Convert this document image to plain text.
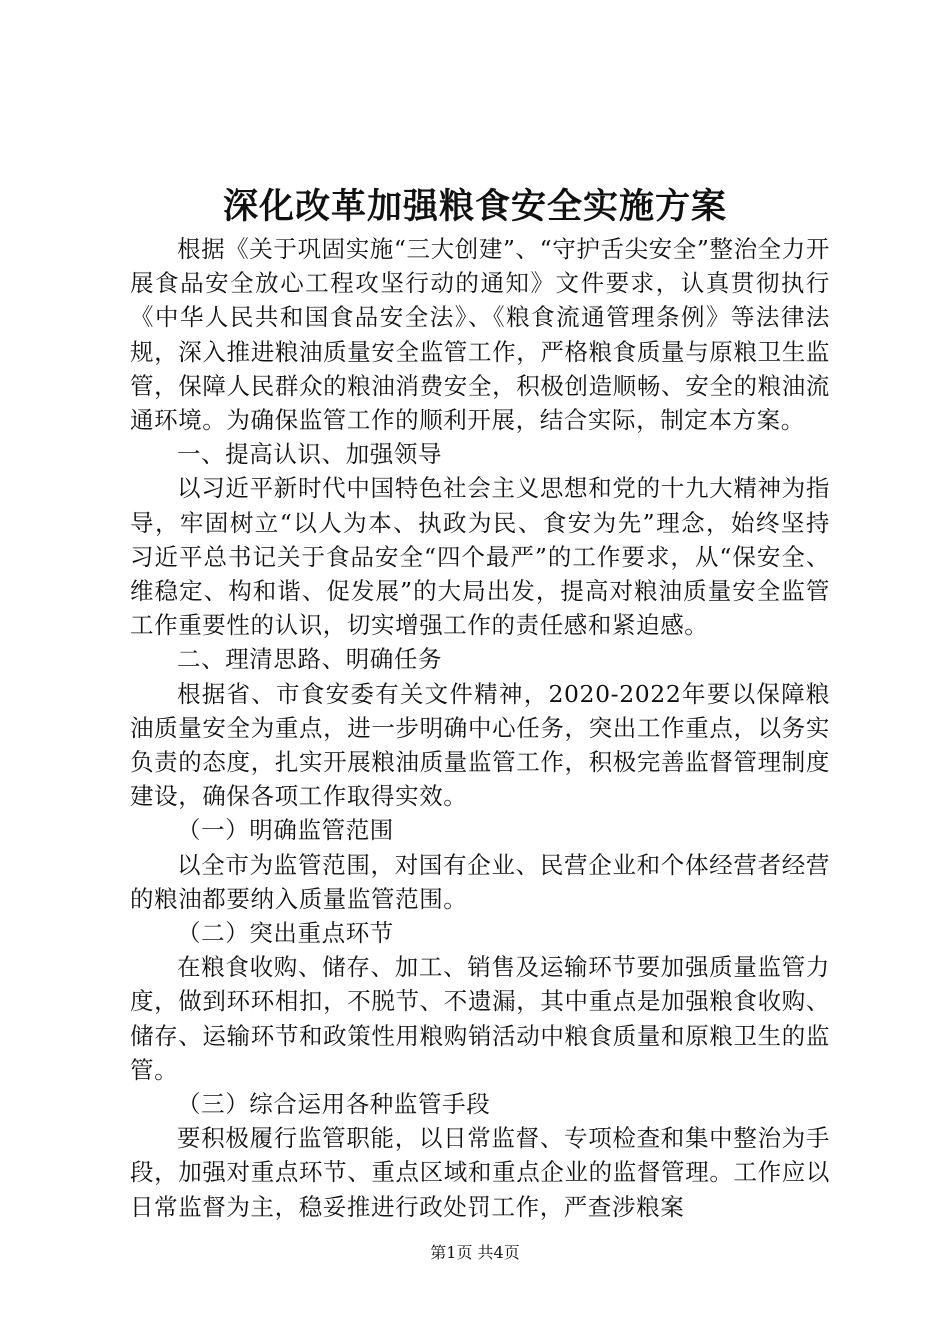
深化改革加强粮食安全实施方案

根据《关于巩固实施“三大创建”、“守护舌尖安全”整治全力开展食品安全放心工程攻坚行动的通知》文件要求，认真贯彻执行《中华人民共和国食品安全法》、《粮食流通管理条例》等法律法规，深入推进粮油质量安全监管工作，严格粮食质量与原粮卫生监管，保障人民群众的粮油消费安全，积极创造顺畅、安全的粮油流通环境。为确保监管工作的顺利开展，结合实际，制定本方案。

一、提高认识、加强领导

以习近平新时代中国特色社会主义思想和党的十九大精神为指导，牢固树立“以人为本、执政为民、食安为先”理念，始终坚持习近平总书记关于食品安全“四个最严”的工作要求，从“保安全、维稳定、构和谐、促发展”的大局出发，提高对粮油质量安全监管工作重要性的认识，切实增强工作的责任感和紧迫感。

二、理清思路、明确任务

根据省、市食安委有关文件精神，2020-2022年要以保障粮油质量安全为重点，进一步明确中心任务，突出工作重点，以务实负责的态度，扎实开展粮油质量监管工作，积极完善监督管理制度建设，确保各项工作取得实效。

（一）明确监管范围

以全市为监管范围，对国有企业、民营企业和个体经营者经营的粮油都要纳入质量监管范围。

（二）突出重点环节

在粮食收购、储存、加工、销售及运输环节要加强质量监管力度，做到环环相扣，不脱节、不遗漏，其中重点是加强粮食收购、储存、运输环节和政策性用粮购销活动中粮食质量和原粮卫生的监管。

（三）综合运用各种监管手段

要积极履行监管职能，以日常监督、专项检查和集中整治为手段，加强对重点环节、重点区域和重点企业的监督管理。工作应以日常监督为主，稳妥推进行政处罚工作，严查涉粮案

第1页 共4页
